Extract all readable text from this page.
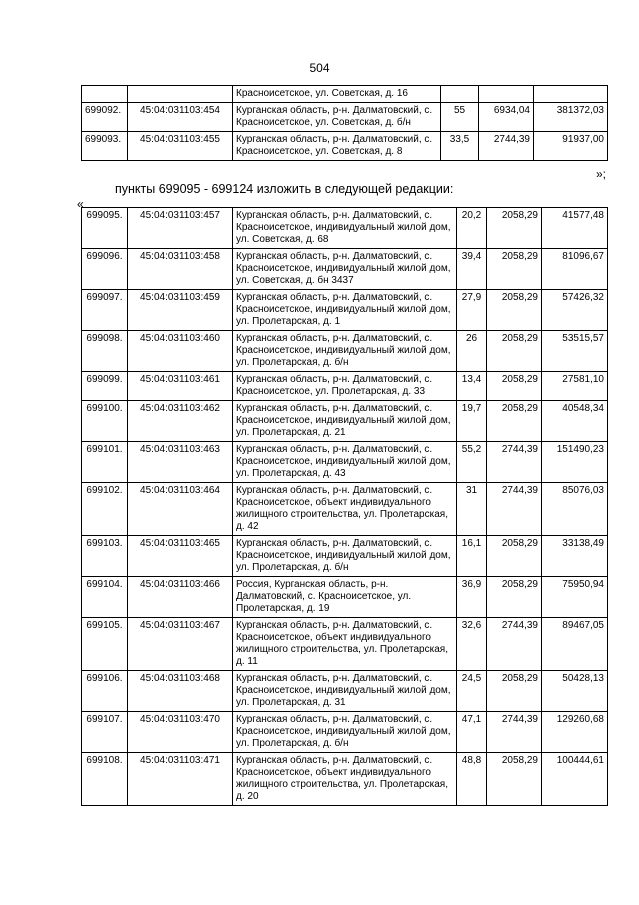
504
		Красноисетское, ул. Советская, д. 16			
699092.	45:04:031103:454	Курганская область, р-н. Далматовский, с. Красноисетское, ул. Советская, д. б/н	55	6934,04	381372,03
699093.	45:04:031103:455	Курганская область, р-н. Далматовский, с. Красноисетское, ул. Советская, д. 8	33,5	2744,39	91937,00
»;
пункты 699095 - 699124 изложить в следующей редакции:
«
699095.	45:04:031103:457	Курганская область, р-н. Далматовский, с. Красноисетское, индивидуальный жилой дом, ул. Советская, д. 68	20,2	2058,29	41577,48
699096.	45:04:031103:458	Курганская область, р-н. Далматовский, с. Красноисетское, индивидуальный жилой дом, ул. Советская, д. бн 3437	39,4	2058,29	81096,67
699097.	45:04:031103:459	Курганская область, р-н. Далматовский, с. Красноисетское, индивидуальный жилой дом, ул. Пролетарская, д. 1	27,9	2058,29	57426,32
699098.	45:04:031103:460	Курганская область, р-н. Далматовский, с. Красноисетское, индивидуальный жилой дом, ул. Пролетарская, д. б/н	26	2058,29	53515,57
699099.	45:04:031103:461	Курганская область, р-н. Далматовский, с. Красноисетское, ул. Пролетарская, д. 33	13,4	2058,29	27581,10
699100.	45:04:031103:462	Курганская область, р-н. Далматовский, с. Красноисетское, индивидуальный жилой дом, ул. Пролетарская, д. 21	19,7	2058,29	40548,34
699101.	45:04:031103:463	Курганская область, р-н. Далматовский, с. Красноисетское, индивидуальный жилой дом, ул. Пролетарская, д. 43	55,2	2744,39	151490,23
699102.	45:04:031103:464	Курганская область, р-н. Далматовский, с. Красноисетское, объект индивидуального жилищного строительства, ул. Пролетарская, д. 42	31	2744,39	85076,03
699103.	45:04:031103:465	Курганская область, р-н. Далматовский, с. Красноисетское, индивидуальный жилой дом, ул. Пролетарская, д. б/н	16,1	2058,29	33138,49
699104.	45:04:031103:466	Россия, Курганская область, р-н. Далматовский, с. Красноисетское, ул. Пролетарская, д. 19	36,9	2058,29	75950,94
699105.	45:04:031103:467	Курганская область, р-н. Далматовский, с. Красноисетское, объект индивидуального жилищного строительства, ул. Пролетарская, д. 11	32,6	2744,39	89467,05
699106.	45:04:031103:468	Курганская область, р-н. Далматовский, с. Красноисетское, индивидуальный жилой дом, ул. Пролетарская, д. 31	24,5	2058,29	50428,13
699107.	45:04:031103:470	Курганская область, р-н. Далматовский, с. Красноисетское, индивидуальный жилой дом, ул. Пролетарская, д. б/н	47,1	2744,39	129260,68
699108.	45:04:031103:471	Курганская область, р-н. Далматовский, с. Красноисетское, объект индивидуального жилищного строительства, ул. Пролетарская, д. 20	48,8	2058,29	100444,61
